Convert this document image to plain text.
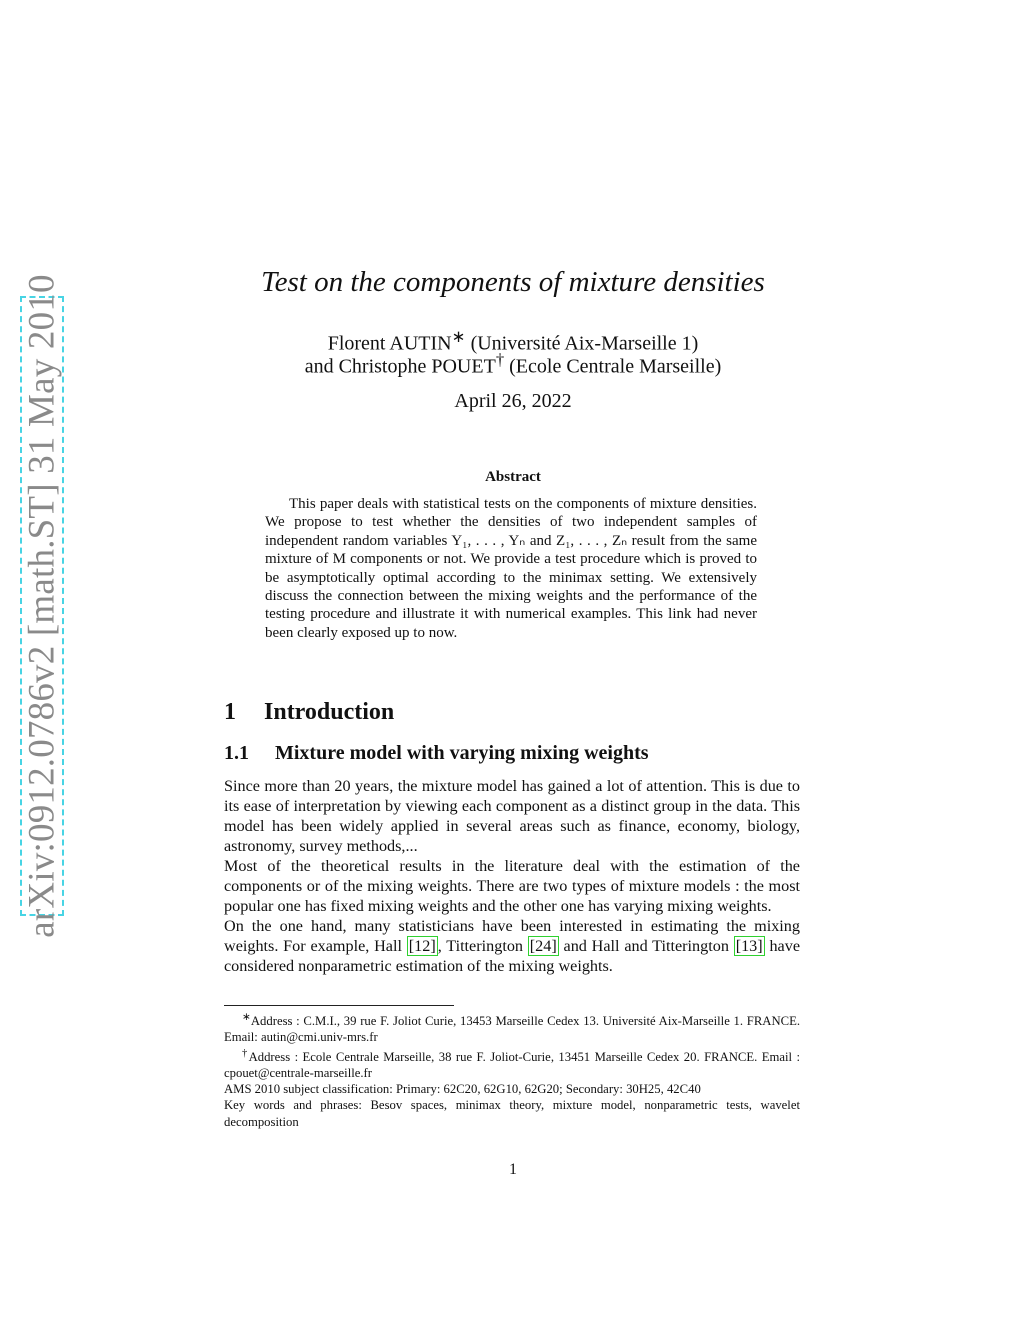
arXiv:0912.0786v2 [math.ST] 31 May 2010	Test on the components of mixture densities
Florent AUTIN∗ (Université Aix-Marseille 1)
and Christophe POUET† (Ecole Centrale Marseille)
April 26, 2022
Abstract

This paper deals with statistical tests on the components of mixture densities. We propose to test whether the densities of two independent samples of independent random variables Y₁, . . . , Yₙ and Z₁, . . . , Zₙ result from the same mixture of M components or not. We provide a test procedure which is proved to be asymptotically optimal according to the minimax setting. We extensively discuss the connection between the mixing weights and the performance of the testing procedure and illustrate it with numerical examples. This link had never been clearly exposed up to now.

1 Introduction
1.1 Mixture model with varying mixing weights

Since more than 20 years, the mixture model has gained a lot of attention. This is due to its ease of interpretation by viewing each component as a distinct group in the data. This model has been widely applied in several areas such as finance, economy, biology, astronomy, survey methods,...

Most of the theoretical results in the literature deal with the estimation of the components or of the mixing weights. There are two types of mixture models : the most popular one has fixed mixing weights and the other one has varying mixing weights.

On the one hand, many statisticians have been interested in estimating the mixing weights. For example, Hall [12] , Titterington [24] and Hall and Titterington [13] have considered nonparametric estimation of the mixing weights.

∗Address : C.M.I., 39 rue F. Joliot Curie, 13453 Marseille Cedex 13. Université Aix-Marseille 1. FRANCE. Email: autin@cmi.univ-mrs.fr

†Address : Ecole Centrale Marseille, 38 rue F. Joliot-Curie, 13451 Marseille Cedex 20. FRANCE. Email : cpouet@centrale-marseille.fr

AMS 2010 subject classification: Primary: 62C20, 62G10, 62G20; Secondary: 30H25, 42C40

Key words and phrases: Besov spaces, minimax theory, mixture model, nonparametric tests, wavelet decomposition

1
